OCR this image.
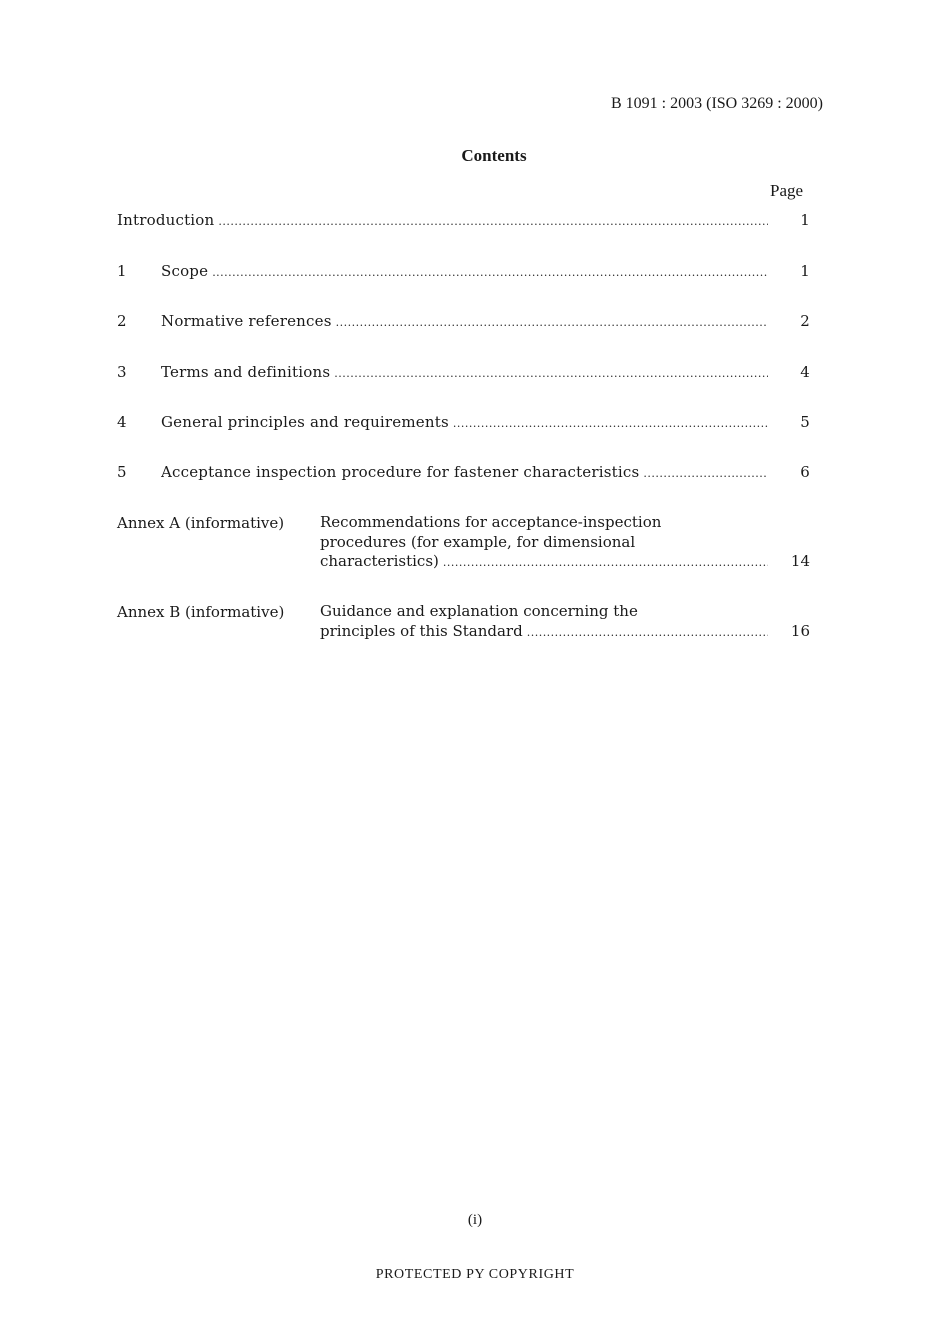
B 1091 : 2003 (ISO 3269 : 2000)
Contents
Page
Introduction .....	1
1 Scope .....	1
2 Normative references .....	2
3 Terms and definitions .....	4
4 General principles and requirements .....	5
5 Acceptance inspection procedure for fastener characteristics .....	6
Annex A (informative) Recommendations for acceptance-inspection
procedures (for example, for dimensional
characteristics) .....	14
Annex B (informative) Guidance and explanation concerning the
principles of this Standard .....	16
(i)
PROTECTED PY COPYRIGHT
